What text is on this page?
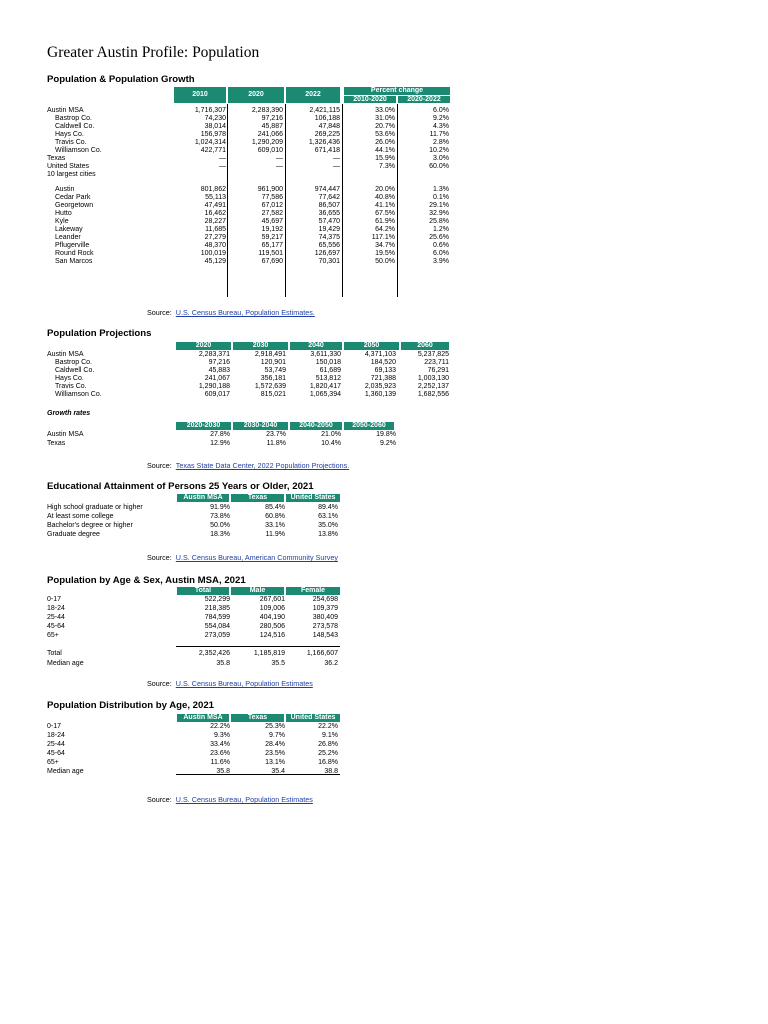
Greater Austin Profile: Population
Population & Population Growth
2010	2020	2022
Percent change
2010-2020	2020-2022
Austin MSA	1,716,307	2,283,390	2,421,115	33.0%	6.0%
Bastrop Co.	74,230	97,216	106,188	31.0%	9.2%
Caldwell Co.	38,014	45,887	47,848	20.7%	4.3%
Hays Co.	156,978	241,066	269,225	53.6%	11.7%
Travis Co.	1,024,314	1,290,209	1,326,436	26.0%	2.8%
Williamson Co.	422,771	609,010	671,418	44.1%	10.2%
Texas	—	—	—	15.9%	3.0%
United States	—	—	—	7.3%	60.0%
10 largest cities
Austin	801,862	961,900	974,447	20.0%	1.3%
Cedar Park	55,113	77,586	77,642	40.8%	0.1%
Georgetown	47,491	67,012	86,507	41.1%	29.1%
Hutto	16,462	27,582	36,655	67.5%	32.9%
Kyle	28,227	45,697	57,470	61.9%	25.8%
Lakeway	11,685	19,192	19,429	64.2%	1.2%
Leander	27,279	59,217	74,375	117.1%	25.6%
Pflugerville	48,370	65,177	65,556	34.7%	0.6%
Round Rock	100,019	119,501	126,697	19.5%	6.0%
San Marcos	45,129	67,690	70,301	50.0%	3.9%
Source: U.S. Census Bureau, Population Estimates.
Population Projections
2020	2030	2040	2050	2060
Austin MSA	2,283,371	2,918,491	3,611,330	4,371,103	5,237,825
Bastrop Co.	97,216	120,901	150,018	184,520	223,711
Caldwell Co.	45,883	53,749	61,689	69,133	76,291
Hays Co.	241,067	356,181	513,812	721,388	1,003,130
Travis Co.	1,290,188	1,572,639	1,820,417	2,035,923	2,252,137
Williamson Co.	609,017	815,021	1,065,394	1,360,139	1,682,556
Growth rates
2020-2030	2030-2040	2040-2050	2050-2060
Austin MSA	27.8%	23.7%	21.0%	19.8%
Texas	12.9%	11.8%	10.4%	9.2%
Source: Texas State Data Center, 2022 Population Projections.
Educational Attainment of Persons 25 Years or Older, 2021
Austin MSA	Texas	United States
High school graduate or higher	91.9%	85.4%	89.4%
At least some college	73.8%	60.8%	63.1%
Bachelor's degree or higher	50.0%	33.1%	35.0%
Graduate degree	18.3%	11.9%	13.8%
Source: U.S. Census Bureau, American Community Survey
Population by Age & Sex, Austin MSA, 2021
Total	Male	Female
0-17	522,299	267,601	254,698
18-24	218,385	109,006	109,379
25-44	784,599	404,190	380,409
45-64	554,084	280,506	273,578
65+	273,059	124,516	148,543
Total	2,352,426	1,185,819	1,166,607
Median age	35.8	35.5	36.2
Source: U.S. Census Bureau, Population Estimates
Population Distribution by Age, 2021
Austin MSA	Texas	United States
0-17	22.2%	25.3%	22.2%
18-24	9.3%	9.7%	9.1%
25-44	33.4%	28.4%	26.8%
45-64	23.6%	23.5%	25.2%
65+	11.6%	13.1%	16.8%
Median age	35.8	35.4	38.8
Source: U.S. Census Bureau, Population Estimates
